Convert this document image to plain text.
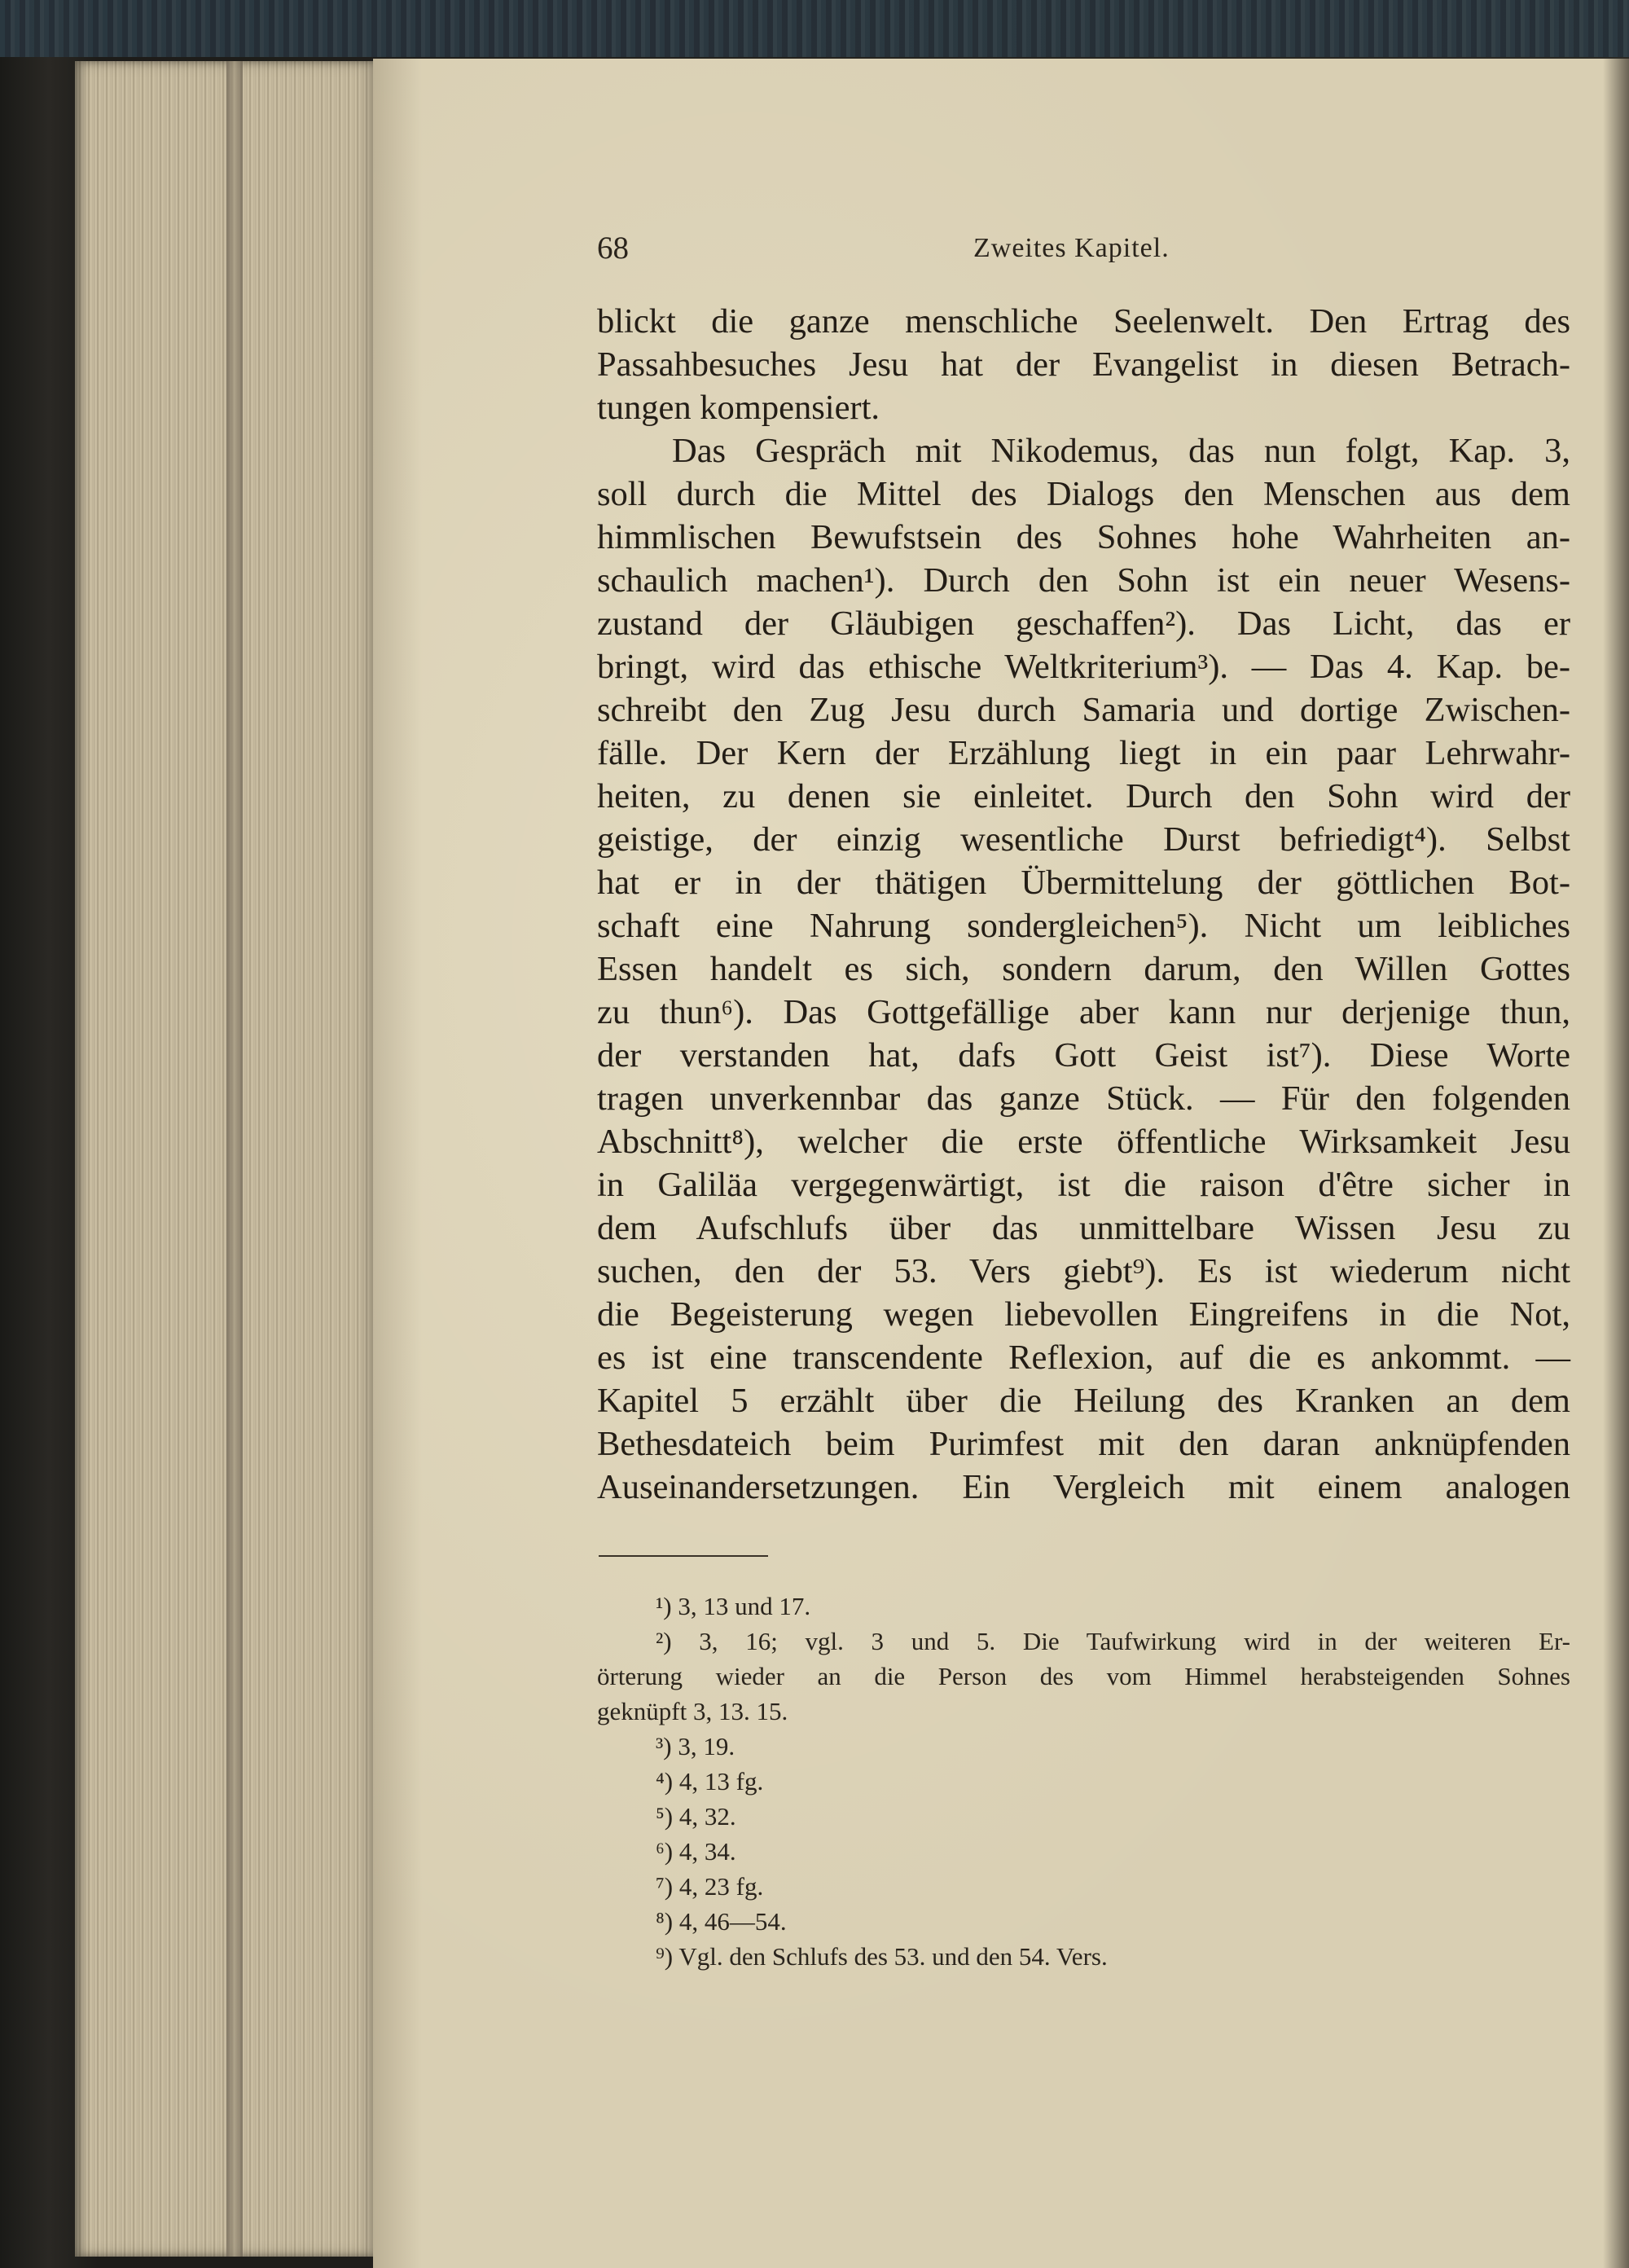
68	Zweites Kapitel.
blickt die ganze menschliche Seelenwelt. Den Ertrag des
Passahbesuches Jesu hat der Evangelist in diesen Betrach-
tungen kompensiert.
Das Gespräch mit Nikodemus, das nun folgt, Kap. 3,
soll durch die Mittel des Dialogs den Menschen aus dem
himmlischen Bewufstsein des Sohnes hohe Wahrheiten an-
schaulich machen¹). Durch den Sohn ist ein neuer Wesens-
zustand der Gläubigen geschaffen²). Das Licht, das er
bringt, wird das ethische Weltkriterium³). — Das 4. Kap. be-
schreibt den Zug Jesu durch Samaria und dortige Zwischen-
fälle. Der Kern der Erzählung liegt in ein paar Lehrwahr-
heiten, zu denen sie einleitet. Durch den Sohn wird der
geistige, der einzig wesentliche Durst befriedigt⁴). Selbst
hat er in der thätigen Übermittelung der göttlichen Bot-
schaft eine Nahrung sondergleichen⁵). Nicht um leibliches
Essen handelt es sich, sondern darum, den Willen Gottes
zu thun⁶). Das Gottgefällige aber kann nur derjenige thun,
der verstanden hat, dafs Gott Geist ist⁷). Diese Worte
tragen unverkennbar das ganze Stück. — Für den folgenden
Abschnitt⁸), welcher die erste öffentliche Wirksamkeit Jesu
in Galiläa vergegenwärtigt, ist die raison d'être sicher in
dem Aufschlufs über das unmittelbare Wissen Jesu zu
suchen, den der 53. Vers giebt⁹). Es ist wiederum nicht
die Begeisterung wegen liebevollen Eingreifens in die Not,
es ist eine transcendente Reflexion, auf die es ankommt. —
Kapitel 5 erzählt über die Heilung des Kranken an dem
Bethesdateich beim Purimfest mit den daran anknüpfenden
Auseinandersetzungen. Ein Vergleich mit einem analogen
¹) 3, 13 und 17.
²) 3, 16; vgl. 3 und 5. Die Taufwirkung wird in der weiteren Er-
örterung wieder an die Person des vom Himmel herabsteigenden Sohnes
geknüpft 3, 13. 15.
³) 3, 19.
⁴) 4, 13 fg.
⁵) 4, 32.
⁶) 4, 34.
⁷) 4, 23 fg.
⁸) 4, 46—54.
⁹) Vgl. den Schlufs des 53. und den 54. Vers.
